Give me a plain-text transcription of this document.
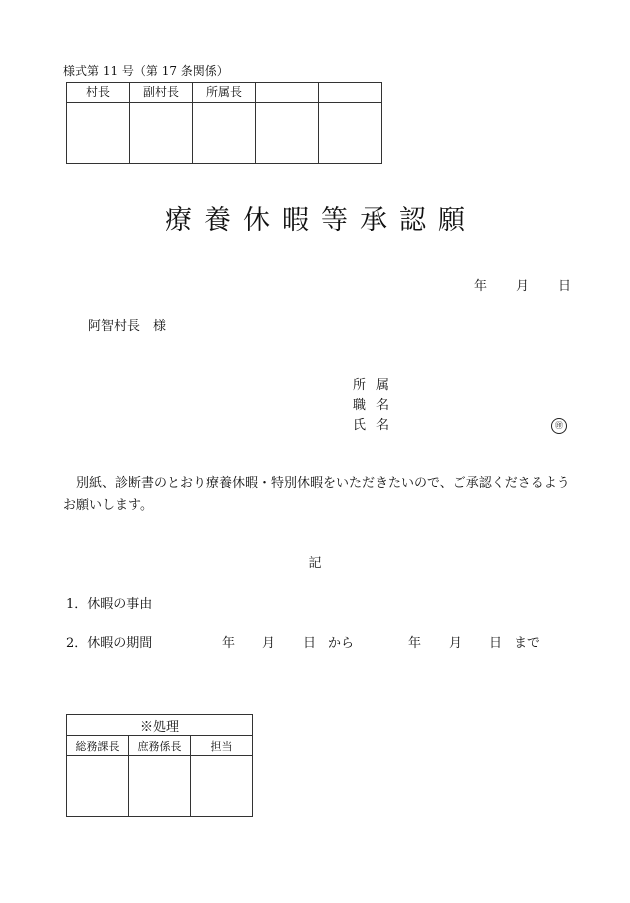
様式第 11 号（第 17 条関係）
村長	副村長	所属長		

療養休暇等承認願
年 月 日
阿智村長　様
所属
職名
氏名	㊞
別紙、診断書のとおり療養休暇・特別休暇をいただきたいので、ご承認くださるようお願いします。
記
1．休暇の事由
2．休暇の期間	年 月 日 から	年 月 日 まで
※処理		
総務課長	庶務係長	担当
